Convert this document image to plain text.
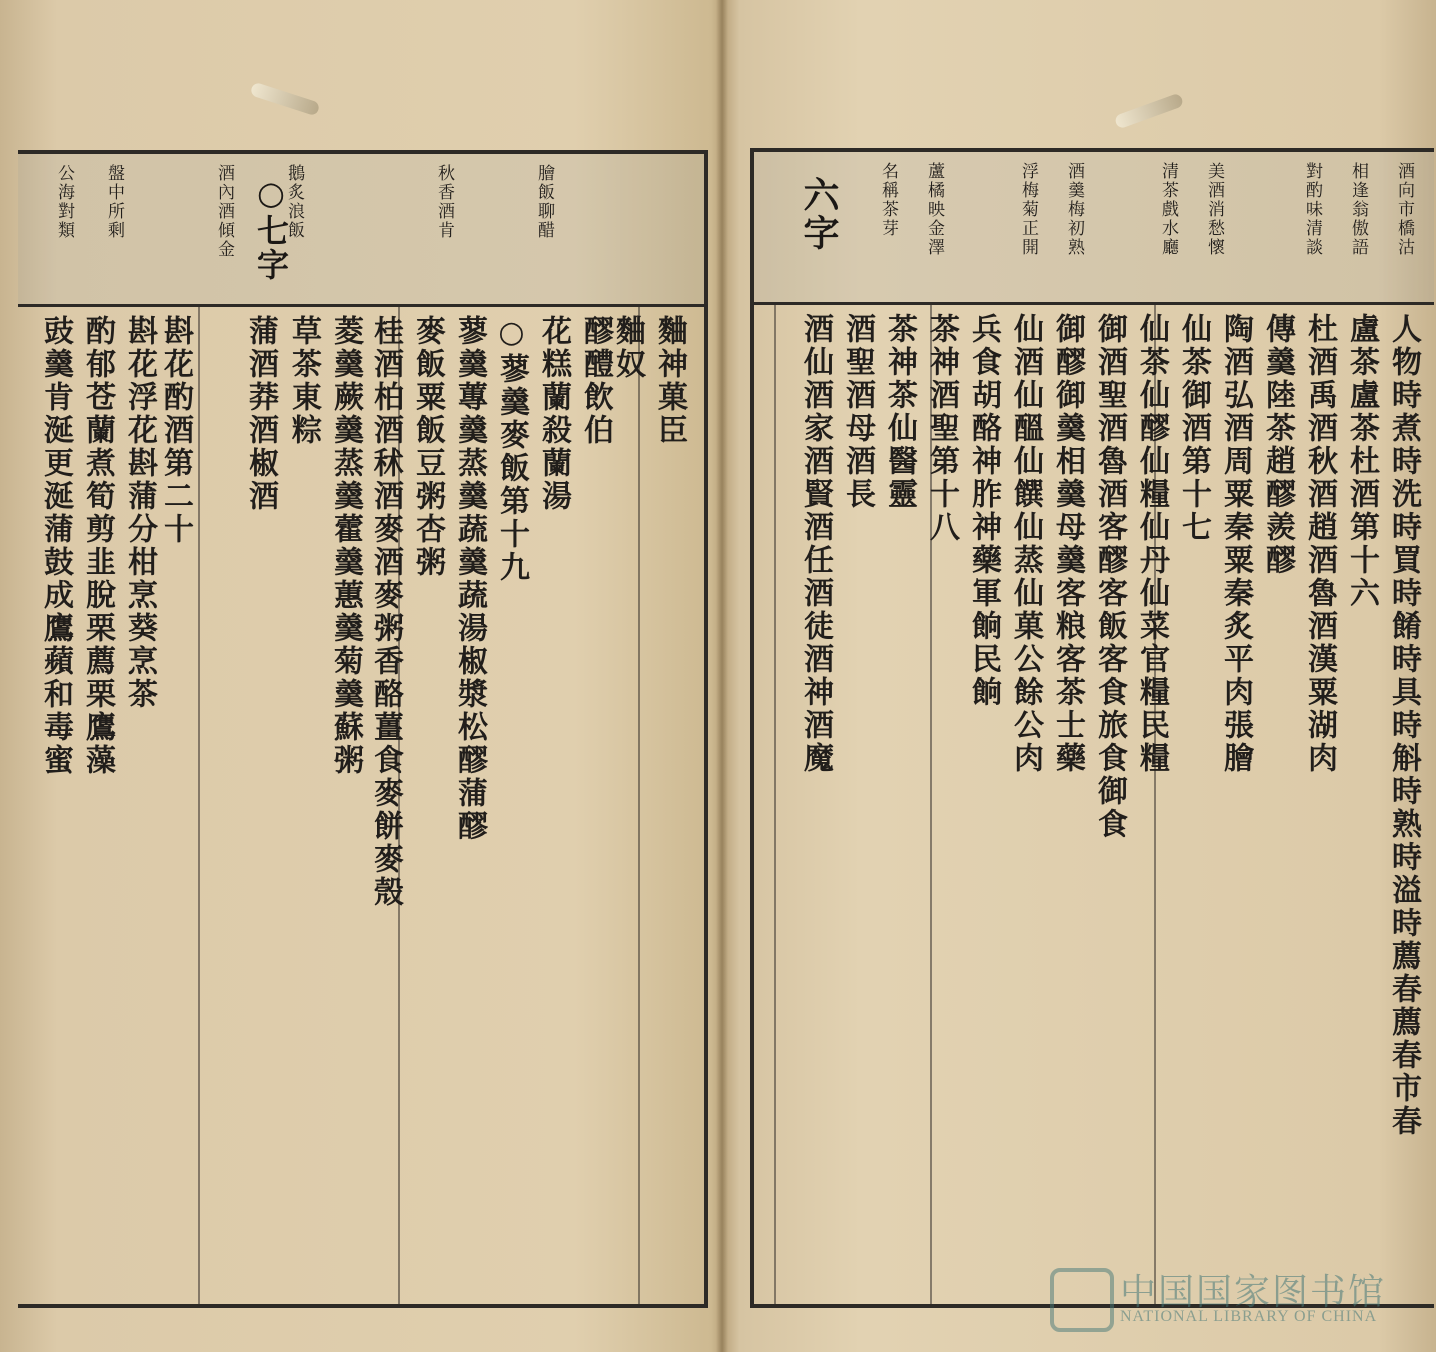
公海對類 盤中所剩	酒內酒傾金	鵝炙浪飯	秋香酒肯	膾飯聊醋
○七字
豉羹肯涎更涎蒲鼓成鷹蘋和毒蜜 酌郁苍蘭煮筍剪韭脫栗薦栗鷹藻 斟花浮花斟蒲分柑烹葵烹茶 斟花酌酒第二十 蒲酒莽酒椒酒 草茶東粽 菱羹蕨羹蒸羹藿羹蕙羹菊羹蘇粥 桂酒柏酒秫酒麥酒麥粥香酪薑食麥餅麥殼 麥飯粟飯豆粥杏粥 蓼羹蓴羹蒸羹蔬羹蔬湯椒漿松醪蒲醪 ○蓼羹麥飯第十九 花糕蘭殺蘭湯 醪醴飲伯
麯奴 麯神菓臣
六字	酒向市橋沽
相逢翁傲語
對酌味清談
美酒消愁懷
清茶戲水廳
酒羹梅初熟
浮梅菊正開
蘆橘映金澤
名稱茶芽
人物時煮時洗時買時餚時具時斛時熟時溢時薦春薦春市春
盧茶盧茶杜酒第十六
杜酒禹酒秋酒趙酒魯酒漢粟湖肉
傳羹陸茶趙醪羨醪
陶酒弘酒周粟秦粟秦炙平肉張膾
仙茶御酒第十七
仙茶仙醪仙糧仙丹仙菜官糧民糧
御酒聖酒魯酒客醪客飯客食旅食御食
御醪御羹相羹母羹客粮客茶士藥
仙酒仙醞仙饌仙蒸仙菓公餘公肉
兵食胡酪神胙神藥軍餉民餉
茶神酒聖第十八
茶神茶仙醫靈
酒聖酒母酒長
酒仙酒家酒賢酒任酒徒酒神酒魔
中国国家图书馆
NATIONAL LIBRARY OF CHINA
